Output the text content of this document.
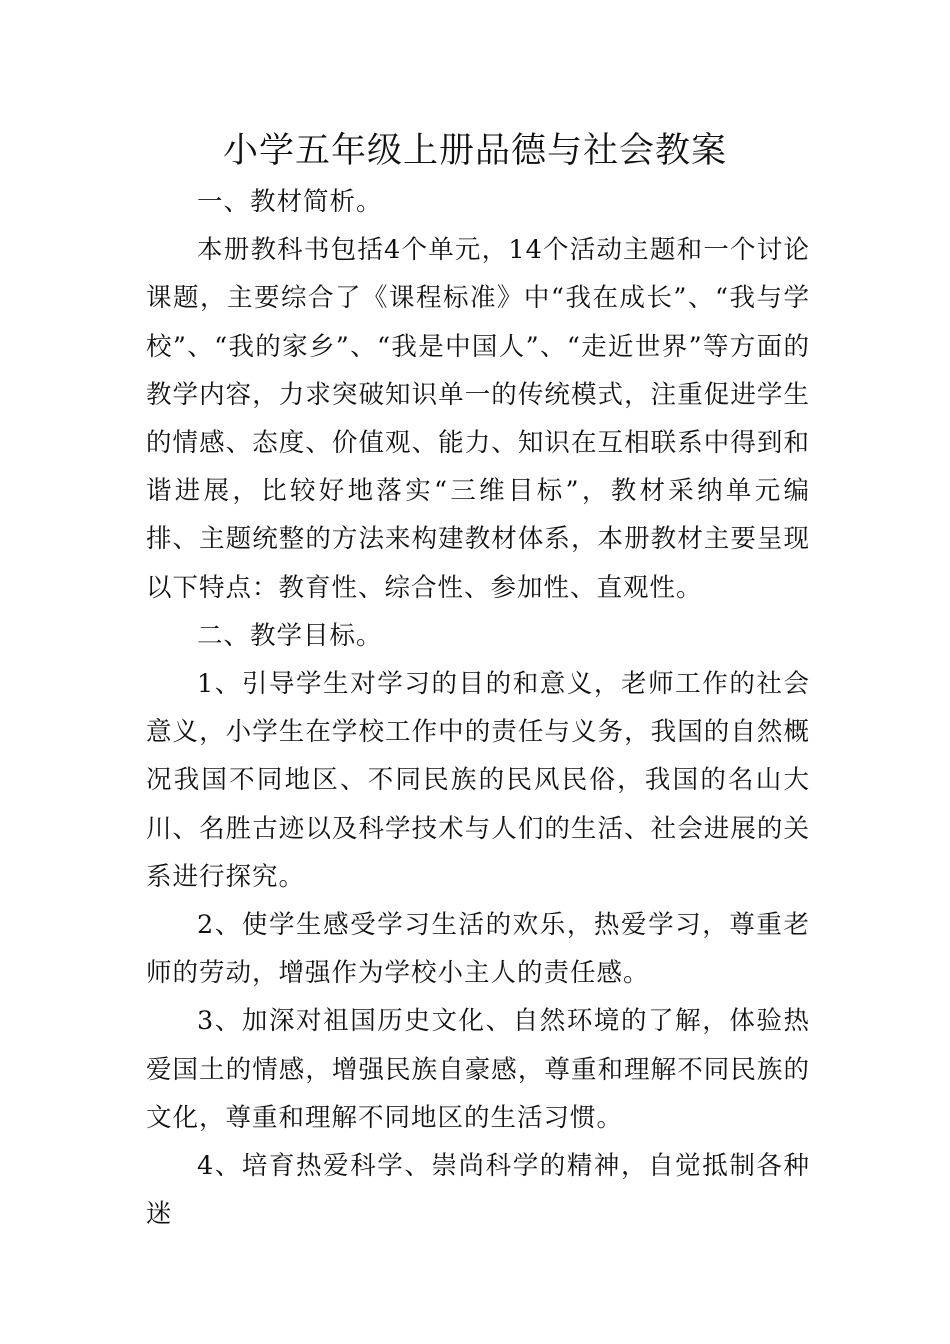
小学五年级上册品德与社会教案

一、教材简析。

本册教科书包括4个单元，14个活动主题和一个讨论课题，主要综合了《课程标准》中“我在成长”、“我与学校”、“我的家乡”、“我是中国人”、“走近世界”等方面的教学内容，力求突破知识单一的传统模式，注重促进学生的情感、态度、价值观、能力、知识在互相联系中得到和谐进展，比较好地落实“三维目标”，教材采纳单元编排、主题统整的方法来构建教材体系，本册教材主要呈现以下特点：教育性、综合性、参加性、直观性。

二、教学目标。

1、引导学生对学习的目的和意义，老师工作的社会意义，小学生在学校工作中的责任与义务，我国的自然概况我国不同地区、不同民族的民风民俗，我国的名山大川、名胜古迹以及科学技术与人们的生活、社会进展的关系进行探究。

2、使学生感受学习生活的欢乐，热爱学习，尊重老师的劳动，增强作为学校小主人的责任感。

3、加深对祖国历史文化、自然环境的了解，体验热爱国土的情感，增强民族自豪感，尊重和理解不同民族的文化，尊重和理解不同地区的生活习惯。

4、培育热爱科学、崇尚科学的精神，自觉抵制各种迷
